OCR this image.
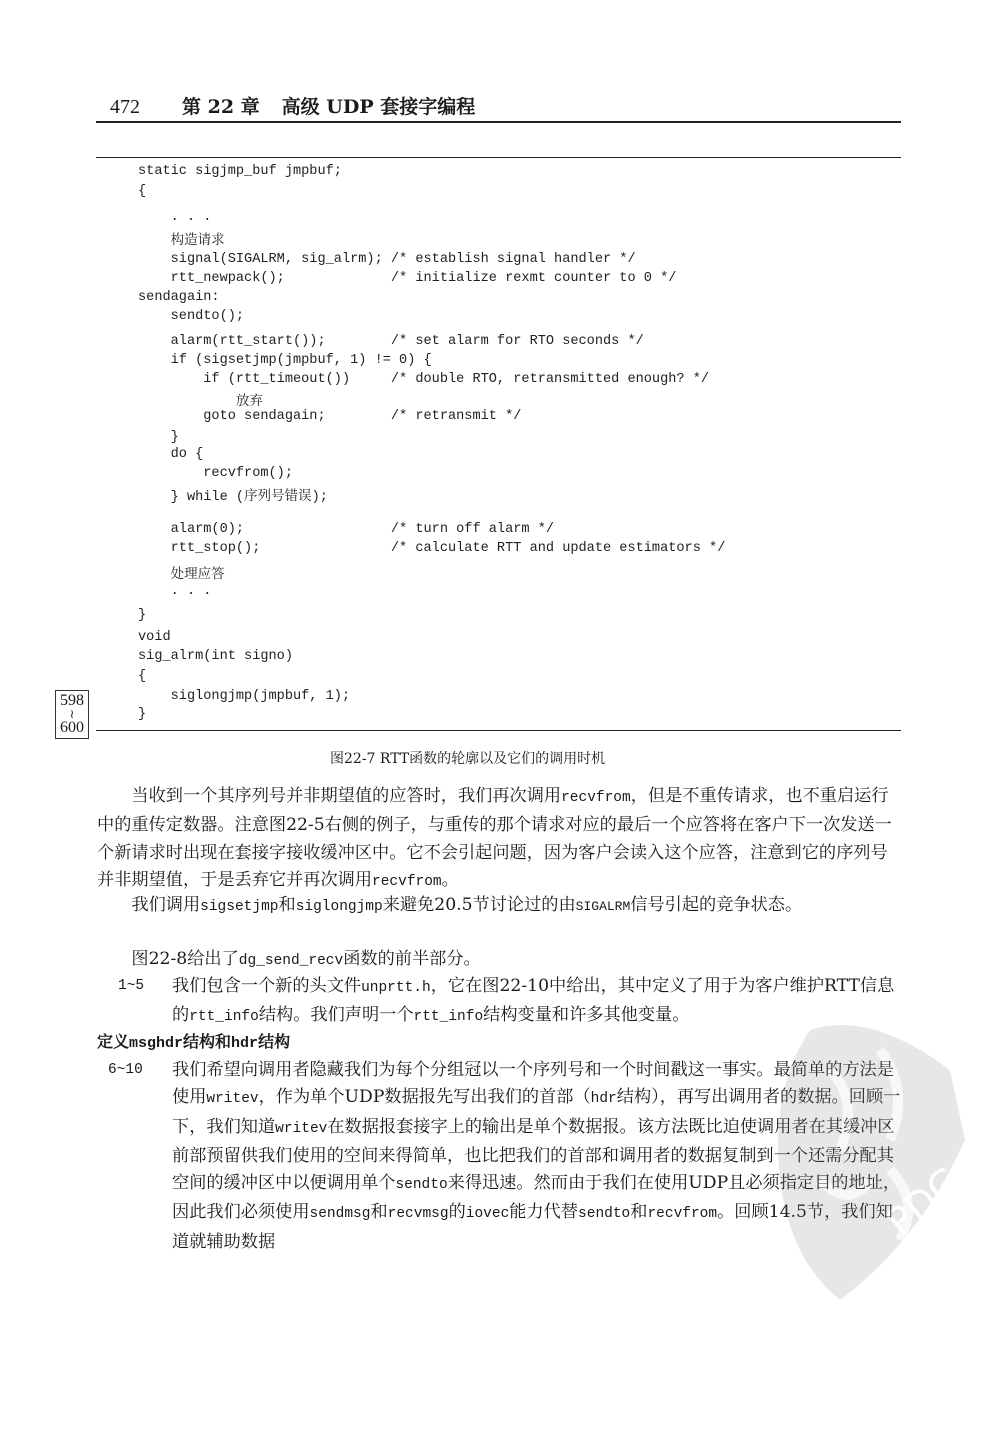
472 第 22 章 高级 UDP 套接字编程
static sigjmp_buf jmpbuf;
{
. . .
构造请求
signal(SIGALRM, sig_alrm); /* establish signal handler */
rtt_newpack();             /* initialize rexmt counter to 0 */
sendagain:
sendto();
alarm(rtt_start());        /* set alarm for RTO seconds */
if (sigsetjmp(jmpbuf, 1) != 0) {
if (rtt_timeout())     /* double RTO, retransmitted enough? */
放弃
goto sendagain;        /* retransmit */
}
do {
recvfrom();
} while (序列号错误);
alarm(0);                  /* turn off alarm */
rtt_stop();                /* calculate RTT and update estimators */
处理应答
. . .
}
void
sig_alrm(int signo)
{
siglongjmp(jmpbuf, 1);
}
598
≀
600
图22-7 RTT函数的轮廓以及它们的调用时机
当收到一个其序列号并非期望值的应答时，我们再次调用recvfrom，但是不重传请求，也不重启运行中的重传定数器。注意图22-5右侧的例子，与重传的那个请求对应的最后一个应答将在客户下一次发送一个新请求时出现在套接字接收缓冲区中。它不会引起问题，因为客户会读入这个应答，注意到它的序列号并非期望值，于是丢弃它并再次调用recvfrom。
我们调用sigsetjmp和siglongjmp来避免20.5节讨论过的由SIGALRM信号引起的竞争状态。
图22-8给出了dg_send_recv函数的前半部分。
1~5 我们包含一个新的头文件unprtt.h，它在图22-10中给出，其中定义了用于为客户维护RTT信息的rtt_info结构。我们声明一个rtt_info结构变量和许多其他变量。
定义msghdr结构和hdr结构
6~10 我们希望向调用者隐藏我们为每个分组冠以一个序列号和一个时间戳这一事实。最简单的方法是使用writev，作为单个UDP数据报先写出我们的首部（hdr结构），再写出调用者的数据。回顾一下，我们知道writev在数据报套接字上的输出是单个数据报。该方法既比迫使调用者在其缓冲区前部预留供我们使用的空间来得简单，也比把我们的首部和调用者的数据复制到一个还需分配其空间的缓冲区中以便调用单个sendto来得迅速。然而由于我们在使用UDP且必须指定目的地址，因此我们必须使用sendmsg和recvmsg的iovec能力代替sendto和recvfrom。回顾14.5节，我们知道就辅助数据	PDG
